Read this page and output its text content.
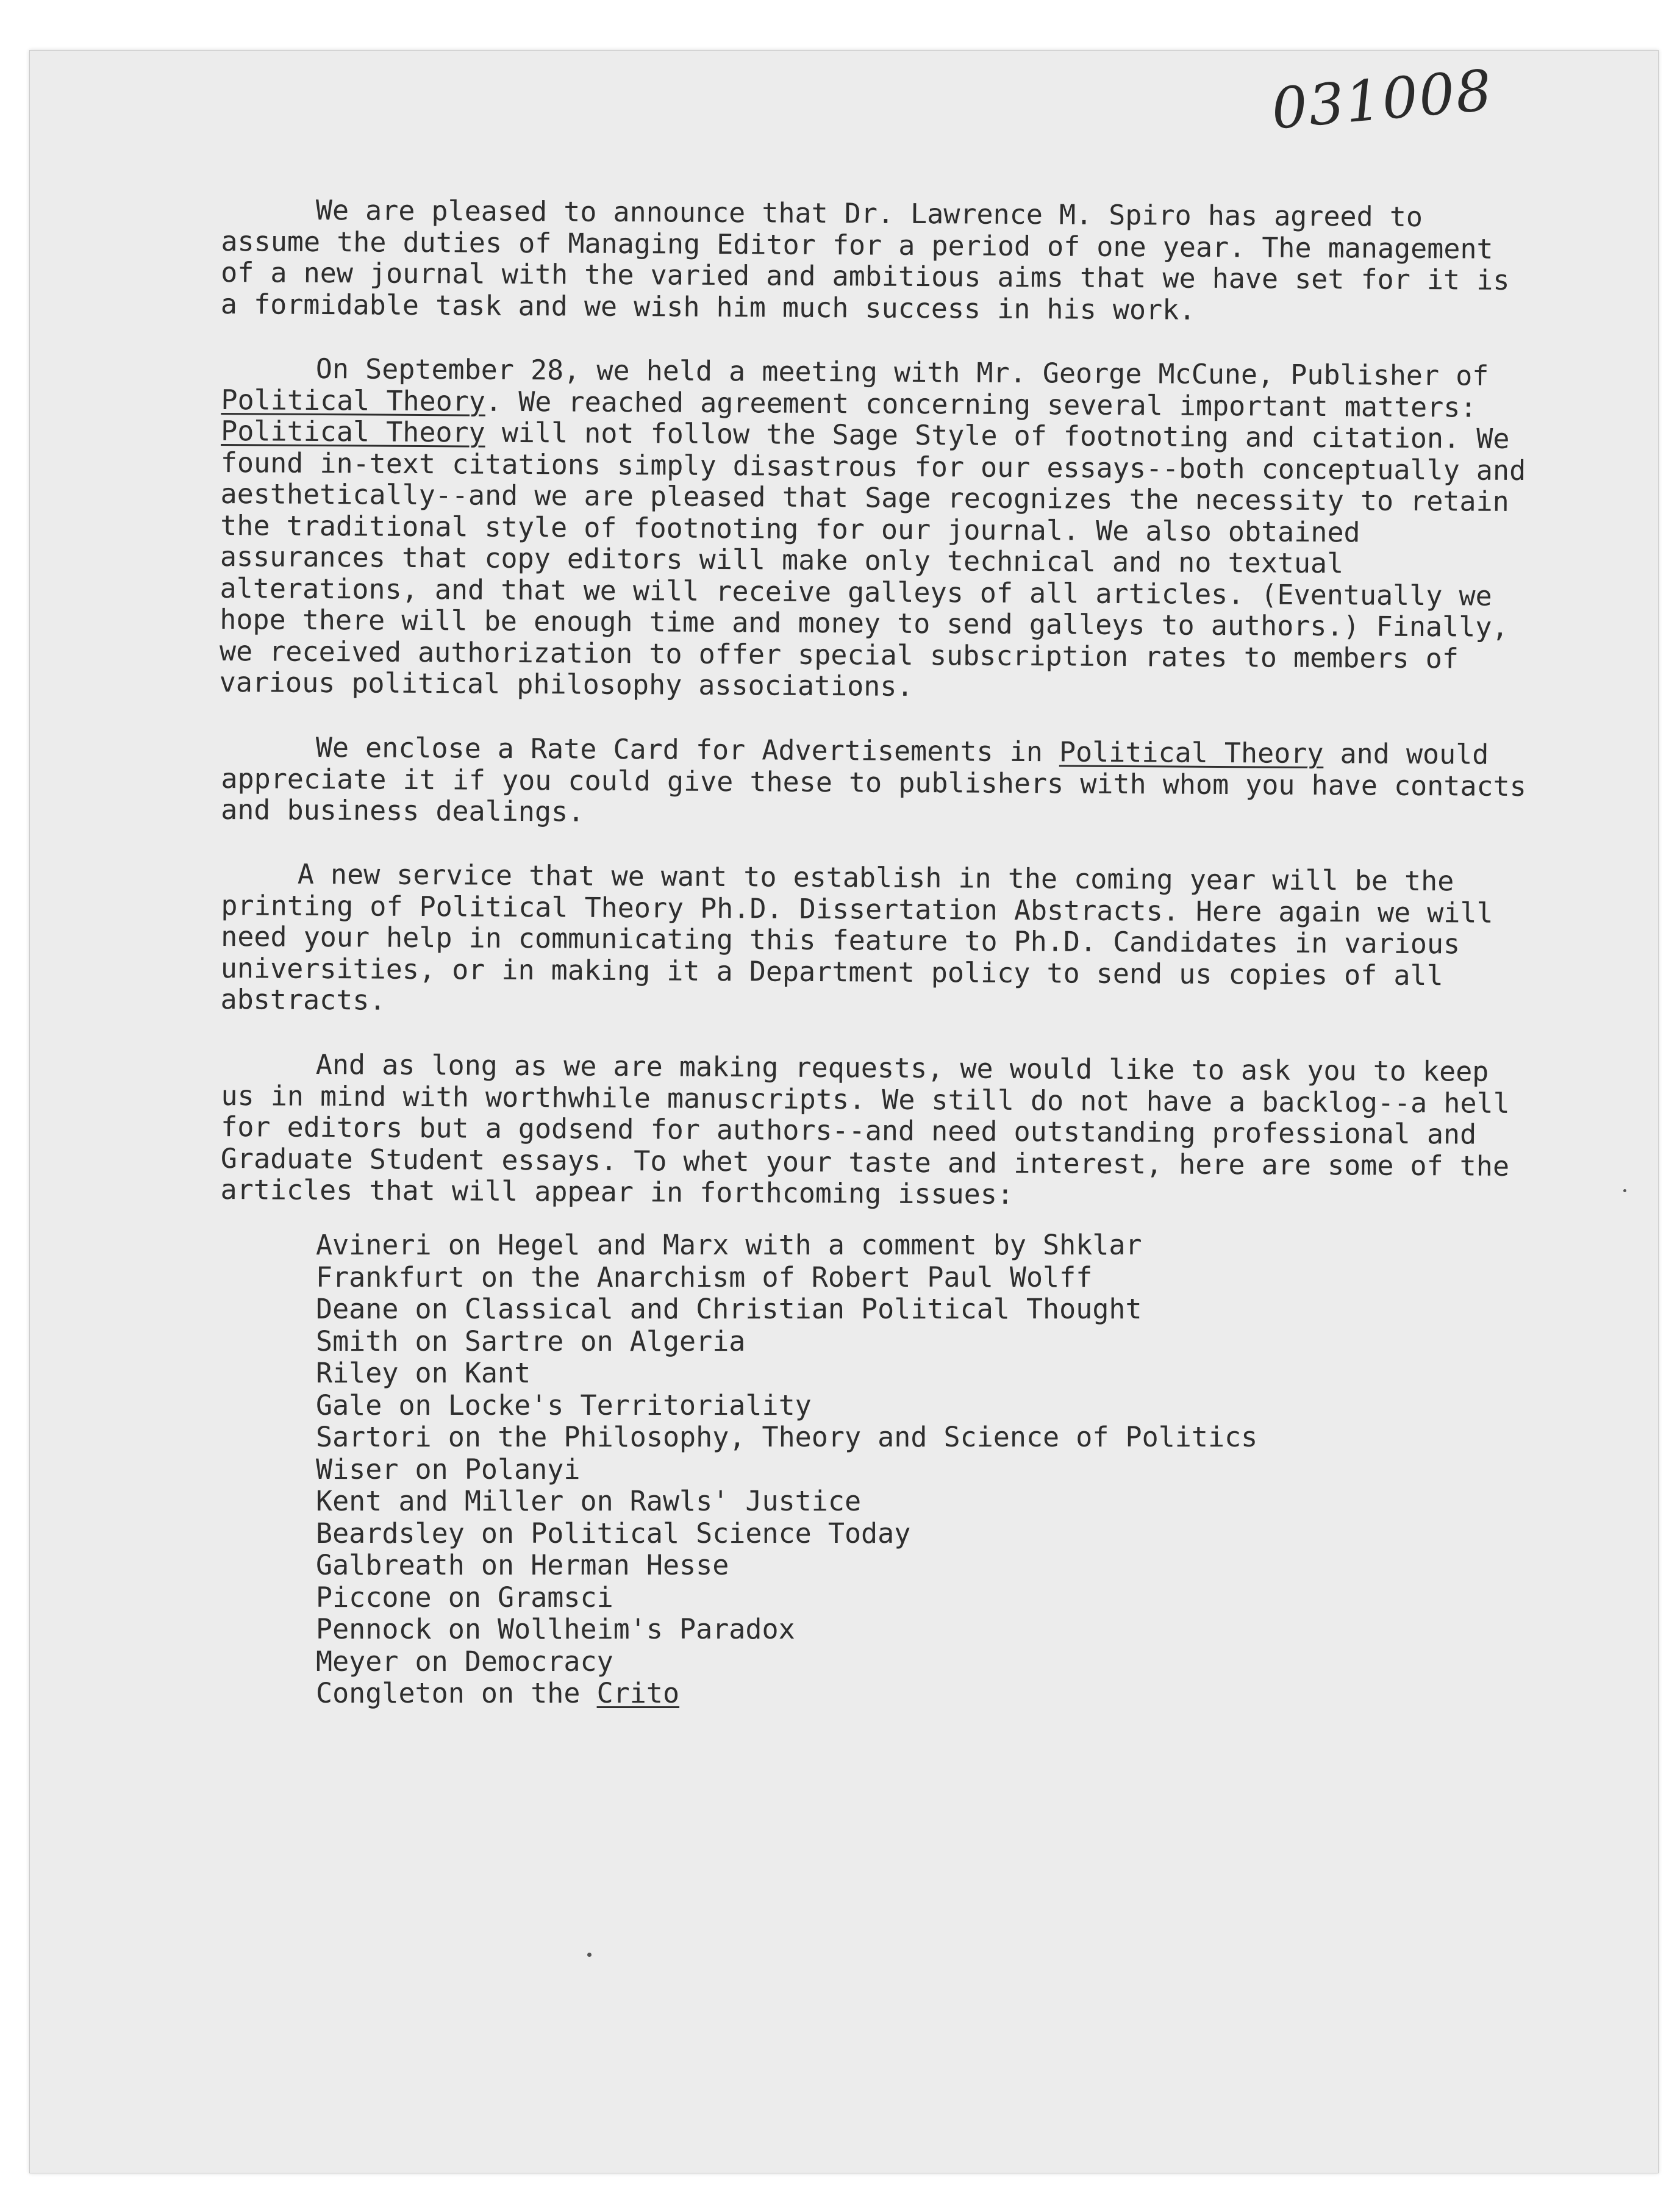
031008

We are pleased to announce that Dr. Lawrence M. Spiro has agreed to assume the duties of Managing Editor for a period of one year. The management of a new journal with the varied and ambitious aims that we have set for it is a formidable task and we wish him much success in his work.

On September 28, we held a meeting with Mr. George McCune, Publisher of Political Theory. We reached agreement concerning several important matters: Political Theory will not follow the Sage Style of footnoting and citation. We found in-text citations simply disastrous for our essays--both conceptually and aesthetically--and we are pleased that Sage recognizes the necessity to retain the traditional style of footnoting for our journal. We also obtained assurances that copy editors will make only technical and no textual alterations, and that we will receive galleys of all articles. (Eventually we hope there will be enough time and money to send galleys to authors.) Finally, we received authorization to offer special subscription rates to members of various political philosophy associations.

We enclose a Rate Card for Advertisements in Political Theory and would appreciate it if you could give these to publishers with whom you have contacts and business dealings.

A new service that we want to establish in the coming year will be the printing of Political Theory Ph.D. Dissertation Abstracts. Here again we will need your help in communicating this feature to Ph.D. Candidates in various universities, or in making it a Department policy to send us copies of all abstracts.

And as long as we are making requests, we would like to ask you to keep us in mind with worthwhile manuscripts. We still do not have a backlog--a hell for editors but a godsend for authors--and need outstanding professional and Graduate Student essays. To whet your taste and interest, here are some of the articles that will appear in forthcoming issues:

Avineri on Hegel and Marx with a comment by Shklar
Frankfurt on the Anarchism of Robert Paul Wolff
Deane on Classical and Christian Political Thought
Smith on Sartre on Algeria
Riley on Kant
Gale on Locke's Territoriality
Sartori on the Philosophy, Theory and Science of Politics
Wiser on Polanyi
Kent and Miller on Rawls' Justice
Beardsley on Political Science Today
Galbreath on Herman Hesse
Piccone on Gramsci
Pennock on Wollheim's Paradox
Meyer on Democracy
Congleton on the Crito
